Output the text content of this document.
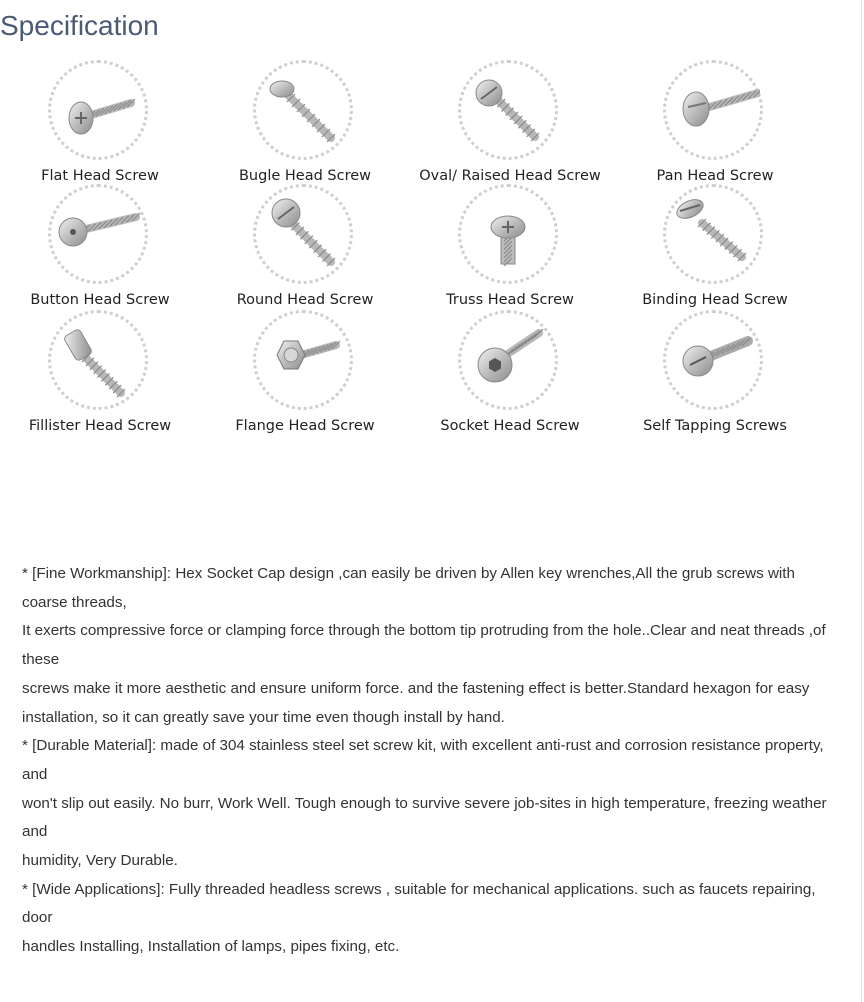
Specification
Flat Head Screw	Bugle Head Screw	Oval/ Raised Head Screw	Pan Head Screw
Button Head Screw	Round Head Screw	Truss Head Screw	Binding Head Screw
Fillister Head Screw	Flange Head Screw	Socket Head Screw	Self Tapping Screws

* [Fine Workmanship]: Hex Socket Cap design ,can easily be driven by Allen key wrenches,All the grub screws with coarse threads,

It exerts compressive force or clamping force through the bottom tip protruding from the hole..Clear and neat threads ,of these

screws make it more aesthetic and ensure uniform force. and the fastening effect is better.Standard hexagon for easy

installation, so it can greatly save your time even though install by hand.

* [Durable Material]: made of 304 stainless steel set screw kit, with excellent anti-rust and corrosion resistance property, and

won't slip out easily. No burr, Work Well. Tough enough to survive severe job-sites in high temperature, freezing weather and

humidity, Very Durable.

* [Wide Applications]: Fully threaded headless screws , suitable for mechanical applications. such as faucets repairing, door

handles Installing, Installation of lamps, pipes fixing, etc.
